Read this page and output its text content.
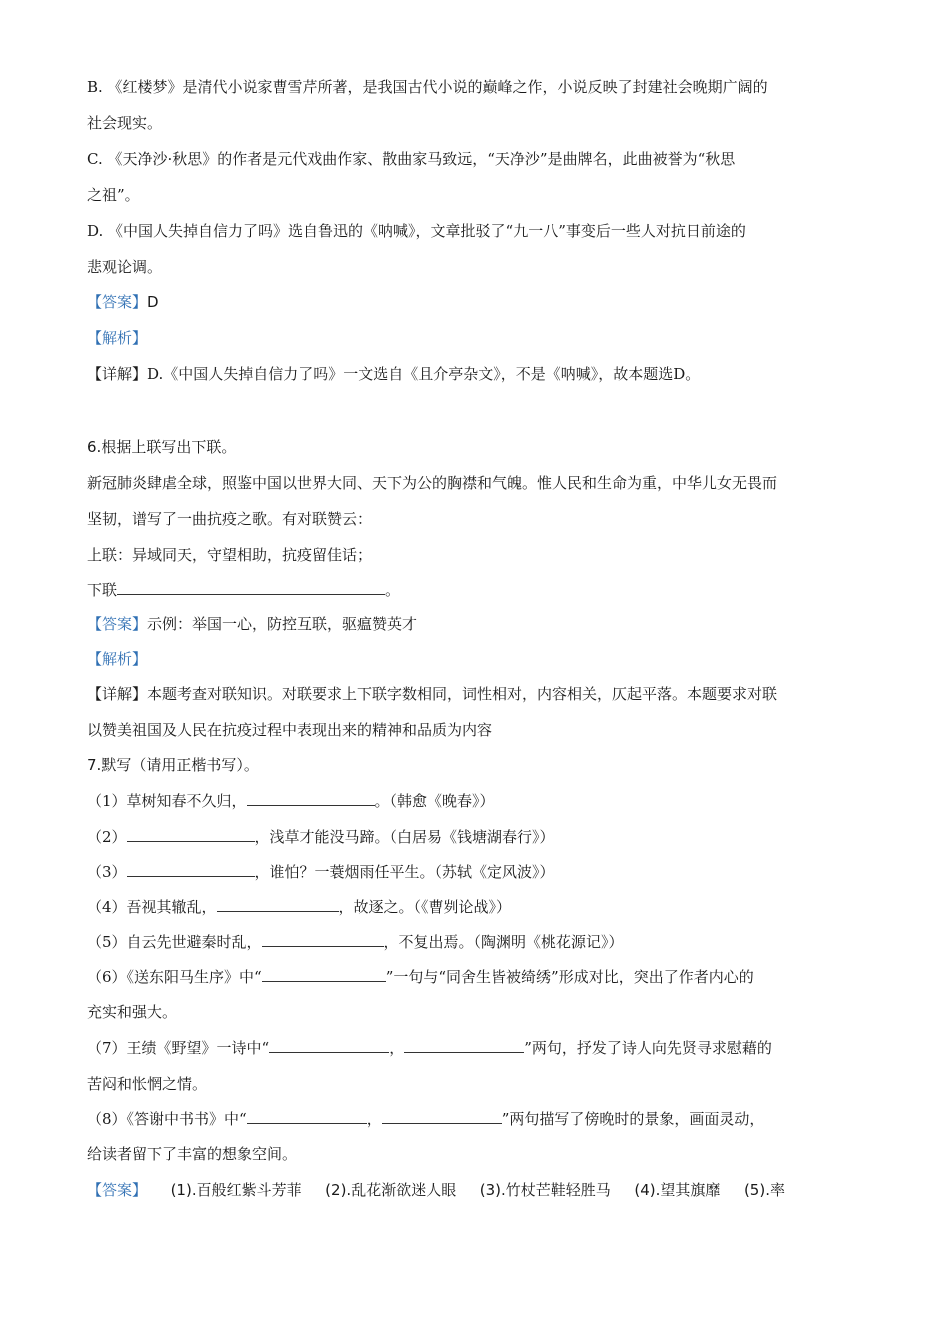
B. 《红楼梦》是清代小说家曹雪芹所著，是我国古代小说的巅峰之作，小说反映了封建社会晚期广阔的
社会现实。
C. 《天净沙·秋思》的作者是元代戏曲作家、散曲家马致远，“天净沙”是曲牌名，此曲被誉为“秋思
之祖”。
D. 《中国人失掉自信力了吗》选自鲁迅的《呐喊》，文章批驳了“九一八”事变后一些人对抗日前途的
悲观论调。
【答案】D
【解析】
【详解】D.《中国人失掉自信力了吗》一文选自《且介亭杂文》，不是《呐喊》，故本题选D。
6.根据上联写出下联。
新冠肺炎肆虐全球，照鉴中国以世界大同、天下为公的胸襟和气魄。惟人民和生命为重，中华儿女无畏而
坚韧，谱写了一曲抗疫之歌。有对联赞云：
上联：异域同天，守望相助，抗疫留佳话；
下联	。
【答案】示例：举国一心，防控互联，驱瘟赞英才
【解析】
【详解】本题考查对联知识。对联要求上下联字数相同，词性相对，内容相关，仄起平落。本题要求对联
以赞美祖国及人民在抗疫过程中表现出来的精神和品质为内容
7.默写（请用正楷书写）。
（1）草树知春不久归，	。（韩愈《晚春》）
（2）	，浅草才能没马蹄。（白居易《钱塘湖春行》）
（3）	，谁怕？一蓑烟雨任平生。（苏轼《定风波》）
（4）吾视其辙乱，	，故逐之。（《曹刿论战》）
（5）自云先世避秦时乱，	，不复出焉。（陶渊明《桃花源记》）
（6）《送东阳马生序》中“	”一句与“同舍生皆被绮绣”形成对比，突出了作者内心的
充实和强大。
（7）王绩《野望》一诗中“	，	”两句，抒发了诗人向先贤寻求慰藉的
苦闷和怅惘之情。
（8）《答谢中书书》中“	，	”两句描写了傍晚时的景象，画面灵动，
给读者留下了丰富的想象空间。
【答案】 (1).百般红紫斗芳菲 (2).乱花渐欲迷人眼 (3).竹杖芒鞋轻胜马 (4).望其旗靡 (5).率
